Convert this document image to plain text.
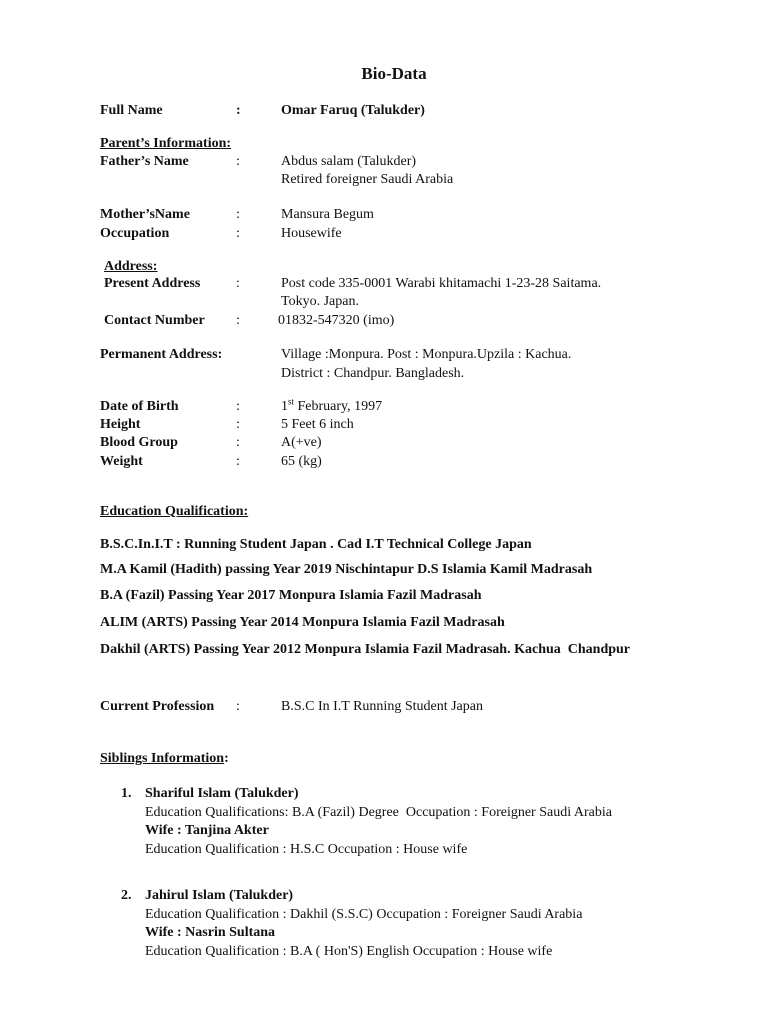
Bio-Data
Full Name	:	Omar Faruq (Talukder)
Parent’s Information:
Father’s Name	:	Abdus salam (Talukder)
Retired foreigner Saudi Arabia
Mother’sName	:	Mansura Begum
Occupation	:	Housewife
Address:
Present Address	:	Post code 335-0001 Warabi khitamachi 1-23-28 Saitama.
Tokyo. Japan.
Contact Number :	01832-547320 (imo)
Permanent Address:	Village :Monpura. Post : Monpura.Upzila : Kachua.
District : Chandpur. Bangladesh.
Date of Birth	:	1st February, 1997
Height	:	5 Feet 6 inch
Blood Group	:	A(+ve)
Weight	:	65 (kg)
Education Qualification:
B.S.C.In.I.T : Running Student Japan . Cad I.T Technical College Japan
M.A Kamil (Hadith) passing Year 2019 Nischintapur D.S Islamia Kamil Madrasah
B.A (Fazil) Passing Year 2017 Monpura Islamia Fazil Madrasah
ALIM (ARTS) Passing Year 2014 Monpura Islamia Fazil Madrasah
Dakhil (ARTS) Passing Year 2012 Monpura Islamia Fazil Madrasah. Kachua  Chandpur
Current Profession :	B.S.C In I.T Running Student Japan
Siblings Information:
1. Shariful Islam (Talukder)
Education Qualifications: B.A (Fazil) Degree  Occupation : Foreigner Saudi Arabia
Wife : Tanjina Akter
Education Qualification : H.S.C Occupation : House wife
2. Jahirul Islam (Talukder)
Education Qualification : Dakhil (S.S.C) Occupation : Foreigner Saudi Arabia
Wife : Nasrin Sultana
Education Qualification : B.A ( Hon'S) English Occupation : House wife
